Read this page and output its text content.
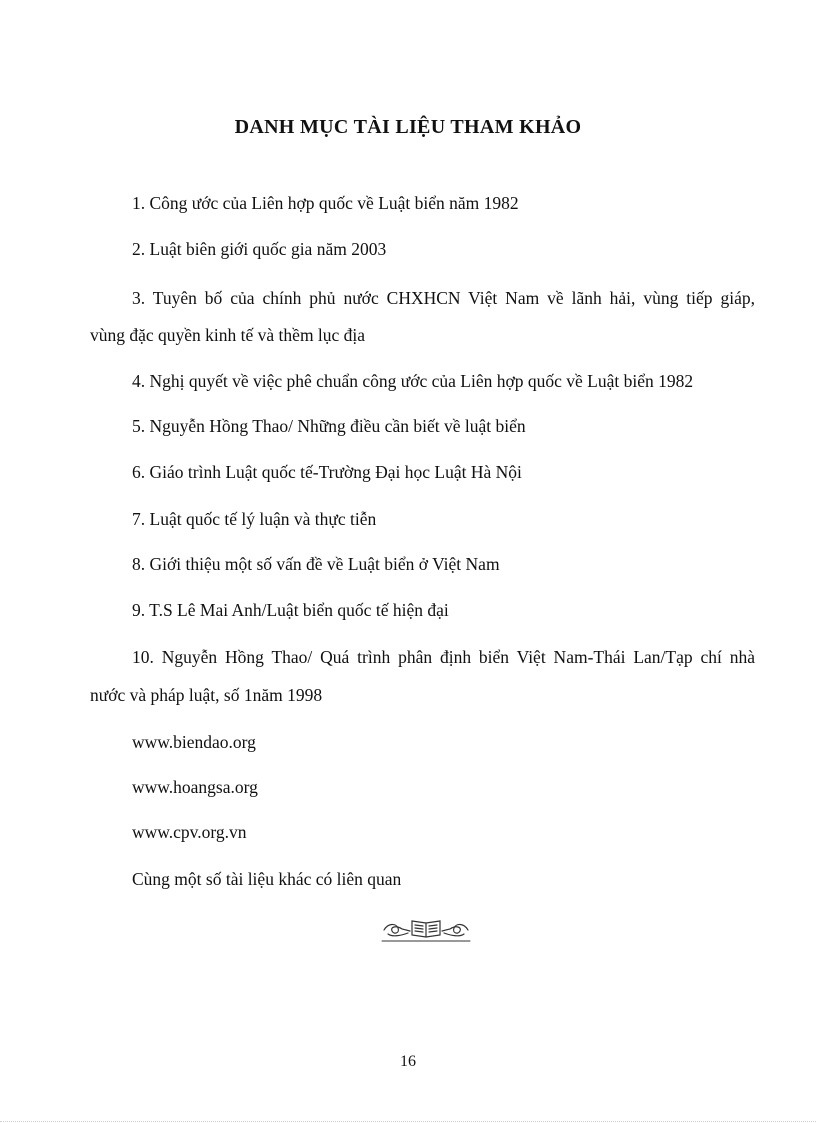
DANH MỤC TÀI LIỆU THAM KHẢO

1. Công ước của Liên hợp quốc về Luật biển năm 1982

2. Luật biên giới quốc gia năm 2003

3. Tuyên bố của chính phủ nước CHXHCN Việt Nam về lãnh hải, vùng tiếp giáp,

vùng đặc quyền kinh tế và thềm lục địa

4. Nghị quyết về việc phê chuẩn công ước của Liên hợp quốc về Luật biển 1982

5. Nguyễn Hồng Thao/ Những điều cần biết về luật biển

6. Giáo trình Luật quốc tế-Trường Đại học Luật Hà Nội

7. Luật quốc tế lý luận và thực tiễn

8. Giới thiệu một số vấn đề về Luật biển ở Việt Nam

9. T.S Lê Mai Anh/Luật biển quốc tế hiện đại

10. Nguyễn Hồng Thao/ Quá trình phân định biển Việt Nam-Thái Lan/Tạp chí nhà

nước và pháp luật, số 1năm 1998

www.biendao.org

www.hoangsa.org

www.cpv.org.vn

Cùng một số tài liệu khác có liên quan

16
